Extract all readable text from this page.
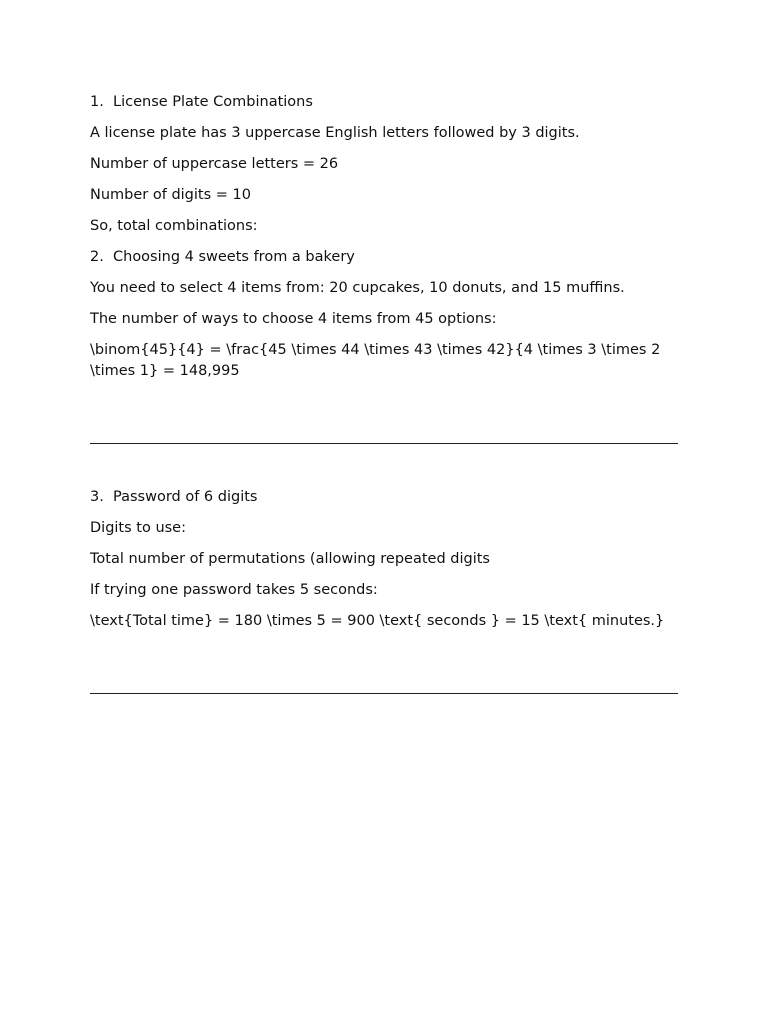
1. License Plate Combinations

A license plate has 3 uppercase English letters followed by 3 digits.

Number of uppercase letters = 26

Number of digits = 10

So, total combinations:

2. Choosing 4 sweets from a bakery

You need to select 4 items from: 20 cupcakes, 10 donuts, and 15 muffins.

The number of ways to choose 4 items from 45 options:

\binom{45}{4} = \frac{45 \times 44 \times 43 \times 42}{4 \times 3 \times 2 \times 1} = 148,995

3. Password of 6 digits

Digits to use:

Total number of permutations (allowing repeated digits

If trying one password takes 5 seconds:

\text{Total time} = 180 \times 5 = 900 \text{ seconds } = 15 \text{ minutes.}
